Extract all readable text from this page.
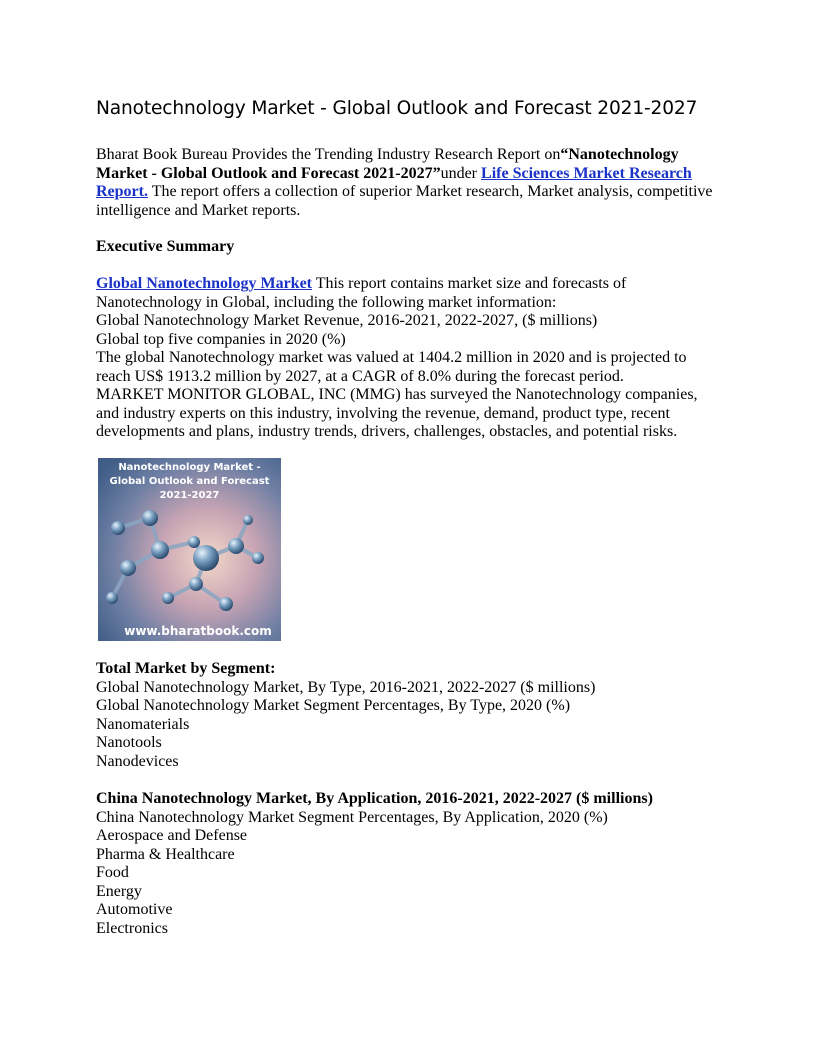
Nanotechnology Market - Global Outlook and Forecast 2021-2027
Bharat Book Bureau Provides the Trending Industry Research Report on“Nanotechnology
Market - Global Outlook and Forecast 2021-2027”under Life Sciences Market Research
Report. The report offers a collection of superior Market research, Market analysis, competitive
intelligence and Market reports.
Executive Summary
Global Nanotechnology Market This report contains market size and forecasts of
Nanotechnology in Global, including the following market information:
Global Nanotechnology Market Revenue, 2016-2021, 2022-2027, ($ millions)
Global top five companies in 2020 (%)
The global Nanotechnology market was valued at 1404.2 million in 2020 and is projected to
reach US$ 1913.2 million by 2027, at a CAGR of 8.0% during the forecast period.
MARKET MONITOR GLOBAL, INC (MMG) has surveyed the Nanotechnology companies,
and industry experts on this industry, involving the revenue, demand, product type, recent
developments and plans, industry trends, drivers, challenges, obstacles, and potential risks.
Nanotechnology Market -
Global Outlook and Forecast
2021-2027
www.bharatbook.com
Total Market by Segment:
Global Nanotechnology Market, By Type, 2016-2021, 2022-2027 ($ millions)
Global Nanotechnology Market Segment Percentages, By Type, 2020 (%)
Nanomaterials
Nanotools
Nanodevices
China Nanotechnology Market, By Application, 2016-2021, 2022-2027 ($ millions)
China Nanotechnology Market Segment Percentages, By Application, 2020 (%)
Aerospace and Defense
Pharma & Healthcare
Food
Energy
Automotive
Electronics
